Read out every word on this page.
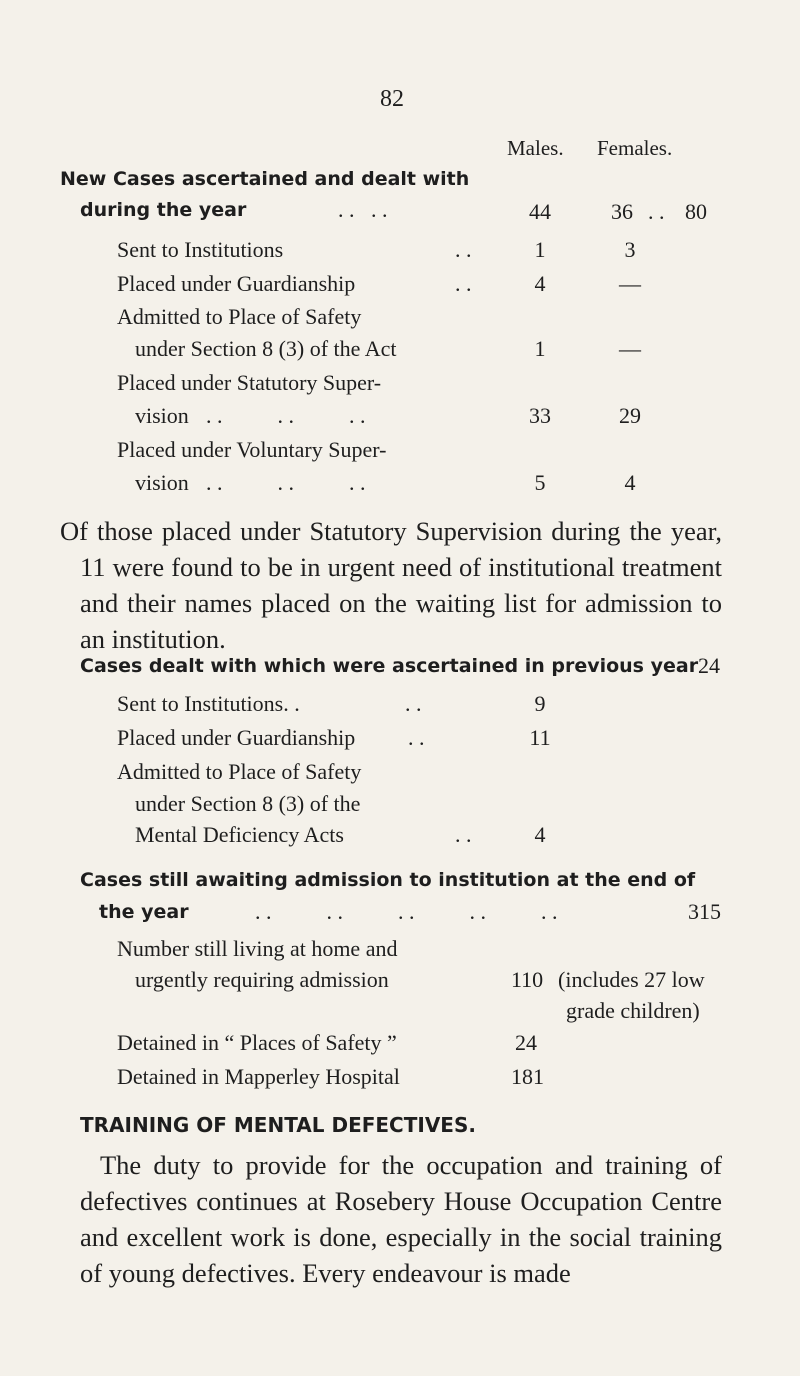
82
Males. Females.
New Cases ascertained and dealt with
during the year	. .   . .	44	36 . . 80
Sent to Institutions	. .	1	3
Placed under Guardianship	. .	4	—
Admitted to Place of Safety
under Section 8 (3) of the Act	1	—
Placed under Statutory Super-
vision . .          . .          . .	33	29
Placed under Voluntary Super-
vision . .          . .          . .	5	4

Of those placed under Statutory Supervision during the year, 11 were found to be in urgent need of institutional treatment and their names placed on the waiting list for admission to an institution.

Cases dealt with which were ascertained in previous year 24
Sent to Institutions. .	. .	9
Placed under Guardianship . .	11
Admitted to Place of Safety
under Section 8 (3) of the
Mental Deficiency Acts	. .	4
Cases still awaiting admission to institution at the end of
the year	. .          . .          . .          . .          . .	315
Number still living at home and
urgently requiring admission	110 (includes 27 low
grade children)
Detained in “ Places of Safety ”	24
Detained in Mapperley Hospital	181
TRAINING OF MENTAL DEFECTIVES.

The duty to provide for the occupation and training of defectives continues at Rosebery House Occupation Centre and excellent work is done, especially in the social training of young defectives. Every endeavour is made
